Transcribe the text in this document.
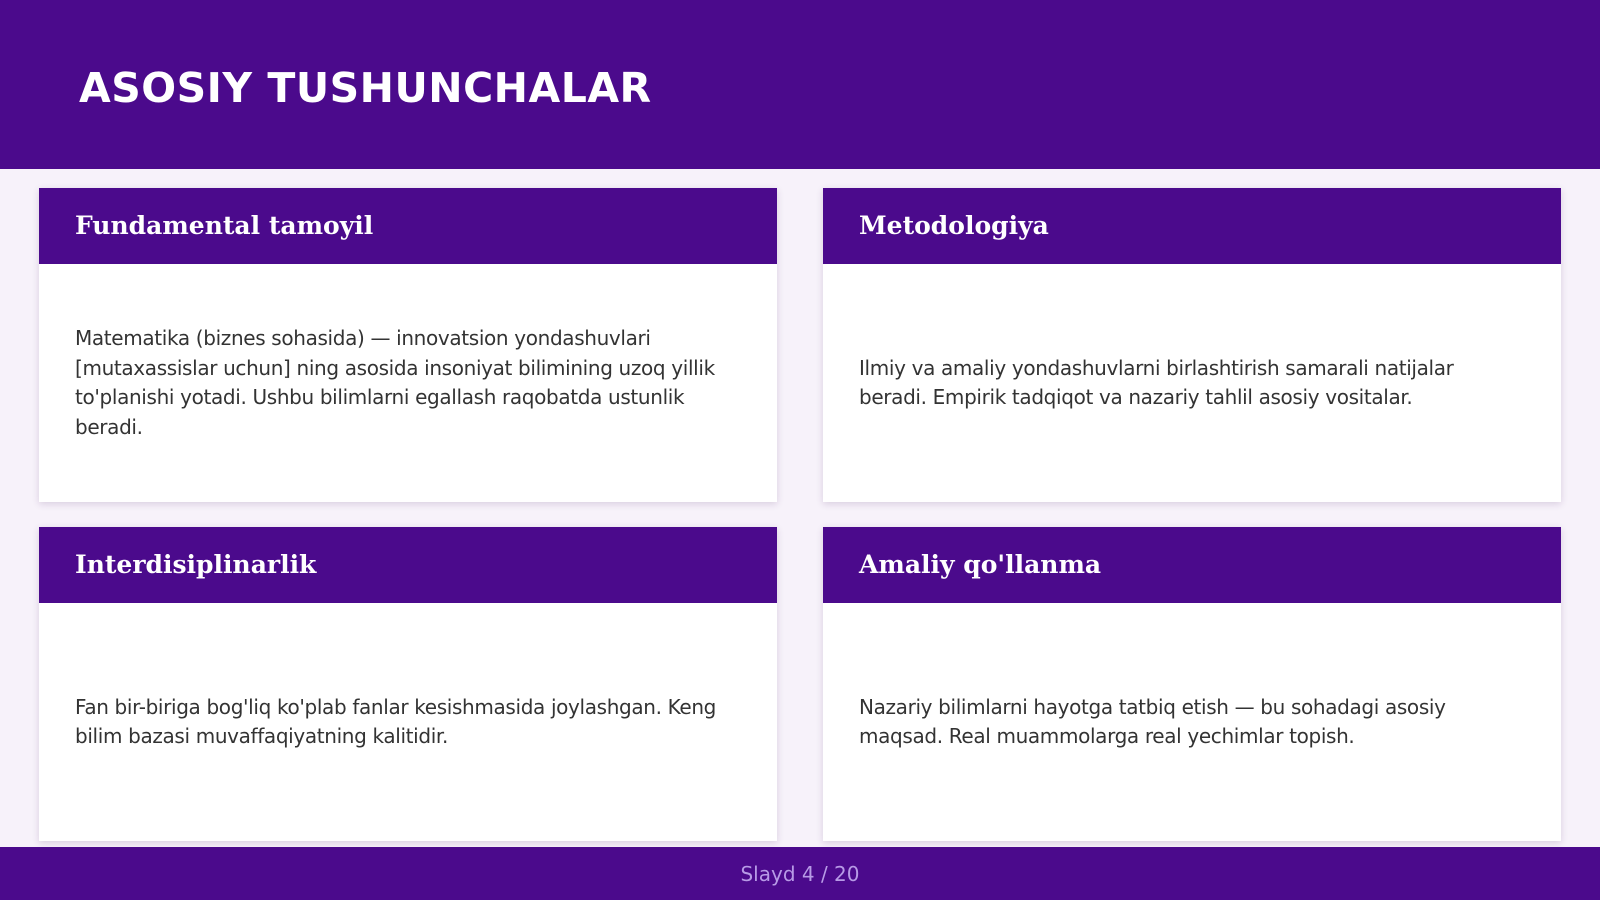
ASOSIY TUSHUNCHALAR
Fundamental tamoyil

Matematika (biznes sohasida) — innovatsion yondashuvlari [mutaxassislar uchun] ning asosida insoniyat bilimining uzoq yillik to'planishi yotadi. Ushbu bilimlarni egallash raqobatda ustunlik beradi.

Metodologiya

Ilmiy va amaliy yondashuvlarni birlashtirish samarali natijalar beradi. Empirik tadqiqot va nazariy tahlil asosiy vositalar.

Interdisiplinarlik

Fan bir-biriga bog'liq ko'plab fanlar kesishmasida joylashgan. Keng bilim bazasi muvaffaqiyatning kalitidir.

Amaliy qo'llanma

Nazariy bilimlarni hayotga tatbiq etish — bu sohadagi asosiy maqsad. Real muammolarga real yechimlar topish.

Slayd 4 / 20
